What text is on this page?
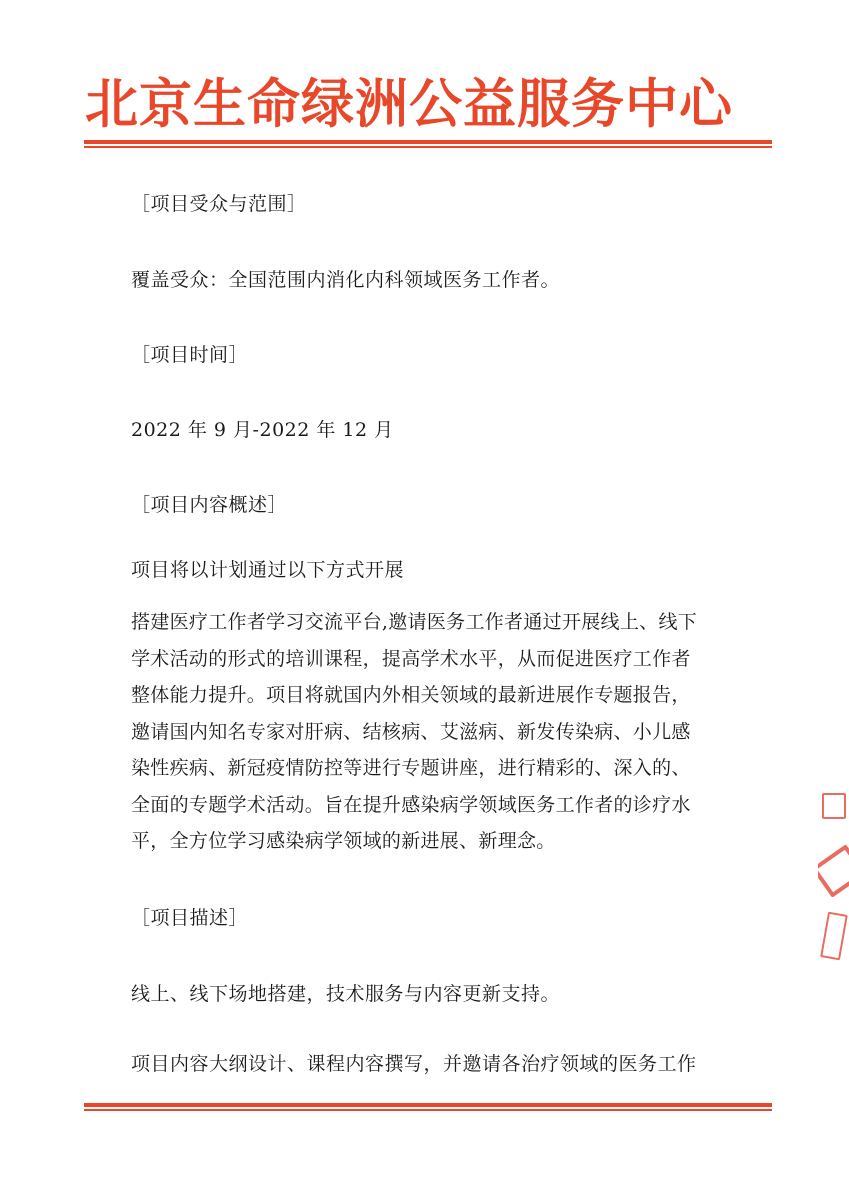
北京生命绿洲公益服务中心
［项目受众与范围］
覆盖受众：全国范围内消化内科领域医务工作者。
［项目时间］
2022 年 9 月-2022 年 12 月
［项目内容概述］
项目将以计划通过以下方式开展
搭建医疗工作者学习交流平台,邀请医务工作者通过开展线上、线下
学术活动的形式的培训课程，提高学术水平，从而促进医疗工作者
整体能力提升。项目将就国内外相关领域的最新进展作专题报告，
邀请国内知名专家对肝病、结核病、艾滋病、新发传染病、小儿感
染性疾病、新冠疫情防控等进行专题讲座，进行精彩的、深入的、
全面的专题学术活动。旨在提升感染病学领域医务工作者的诊疗水
平，全方位学习感染病学领域的新进展、新理念。
［项目描述］
线上、线下场地搭建，技术服务与内容更新支持。
项目内容大纲设计、课程内容撰写，并邀请各治疗领域的医务工作
